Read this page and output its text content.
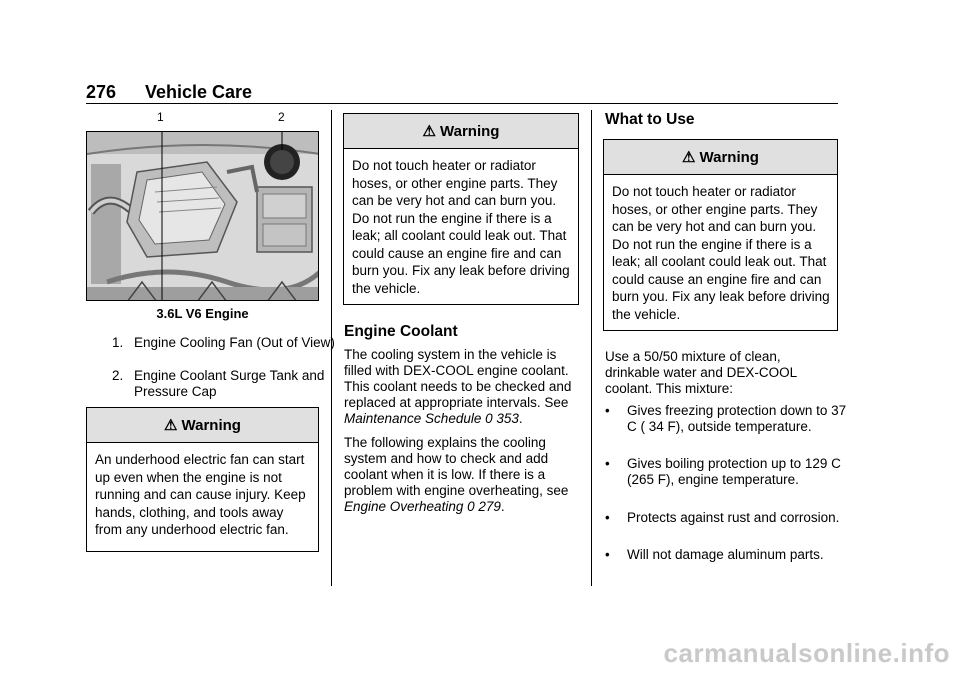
276 Vehicle Care
1	2
3.6L V6 Engine
1. Engine Cooling Fan (Out of View)
2. Engine Coolant Surge Tank and Pressure Cap
⚠ Warning
An underhood electric fan can start up even when the engine is not running and can cause injury. Keep hands, clothing, and tools away from any underhood electric fan.
⚠ Warning
Do not touch heater or radiator hoses, or other engine parts. They can be very hot and can burn you. Do not run the engine if there is a leak; all coolant could leak out. That could cause an engine fire and can burn you. Fix any leak before driving the vehicle.
Engine Coolant

The cooling system in the vehicle is filled with DEX-COOL engine coolant. This coolant needs to be checked and replaced at appropriate intervals. See Maintenance Schedule 0 353.

The following explains the cooling system and how to check and add coolant when it is low. If there is a problem with engine overheating, see Engine Overheating 0 279.

What to Use
⚠ Warning
Do not touch heater or radiator hoses, or other engine parts. They can be very hot and can burn you. Do not run the engine if there is a leak; all coolant could leak out. That could cause an engine fire and can burn you. Fix any leak before driving the vehicle.
Use a 50/50 mixture of clean, drinkable water and DEX-COOL coolant. This mixture:
• Gives freezing protection down to 37 C ( 34 F), outside temperature.
• Gives boiling protection up to 129 C (265 F), engine temperature.
• Protects against rust and corrosion.
• Will not damage aluminum parts.
carmanualsonline.info
